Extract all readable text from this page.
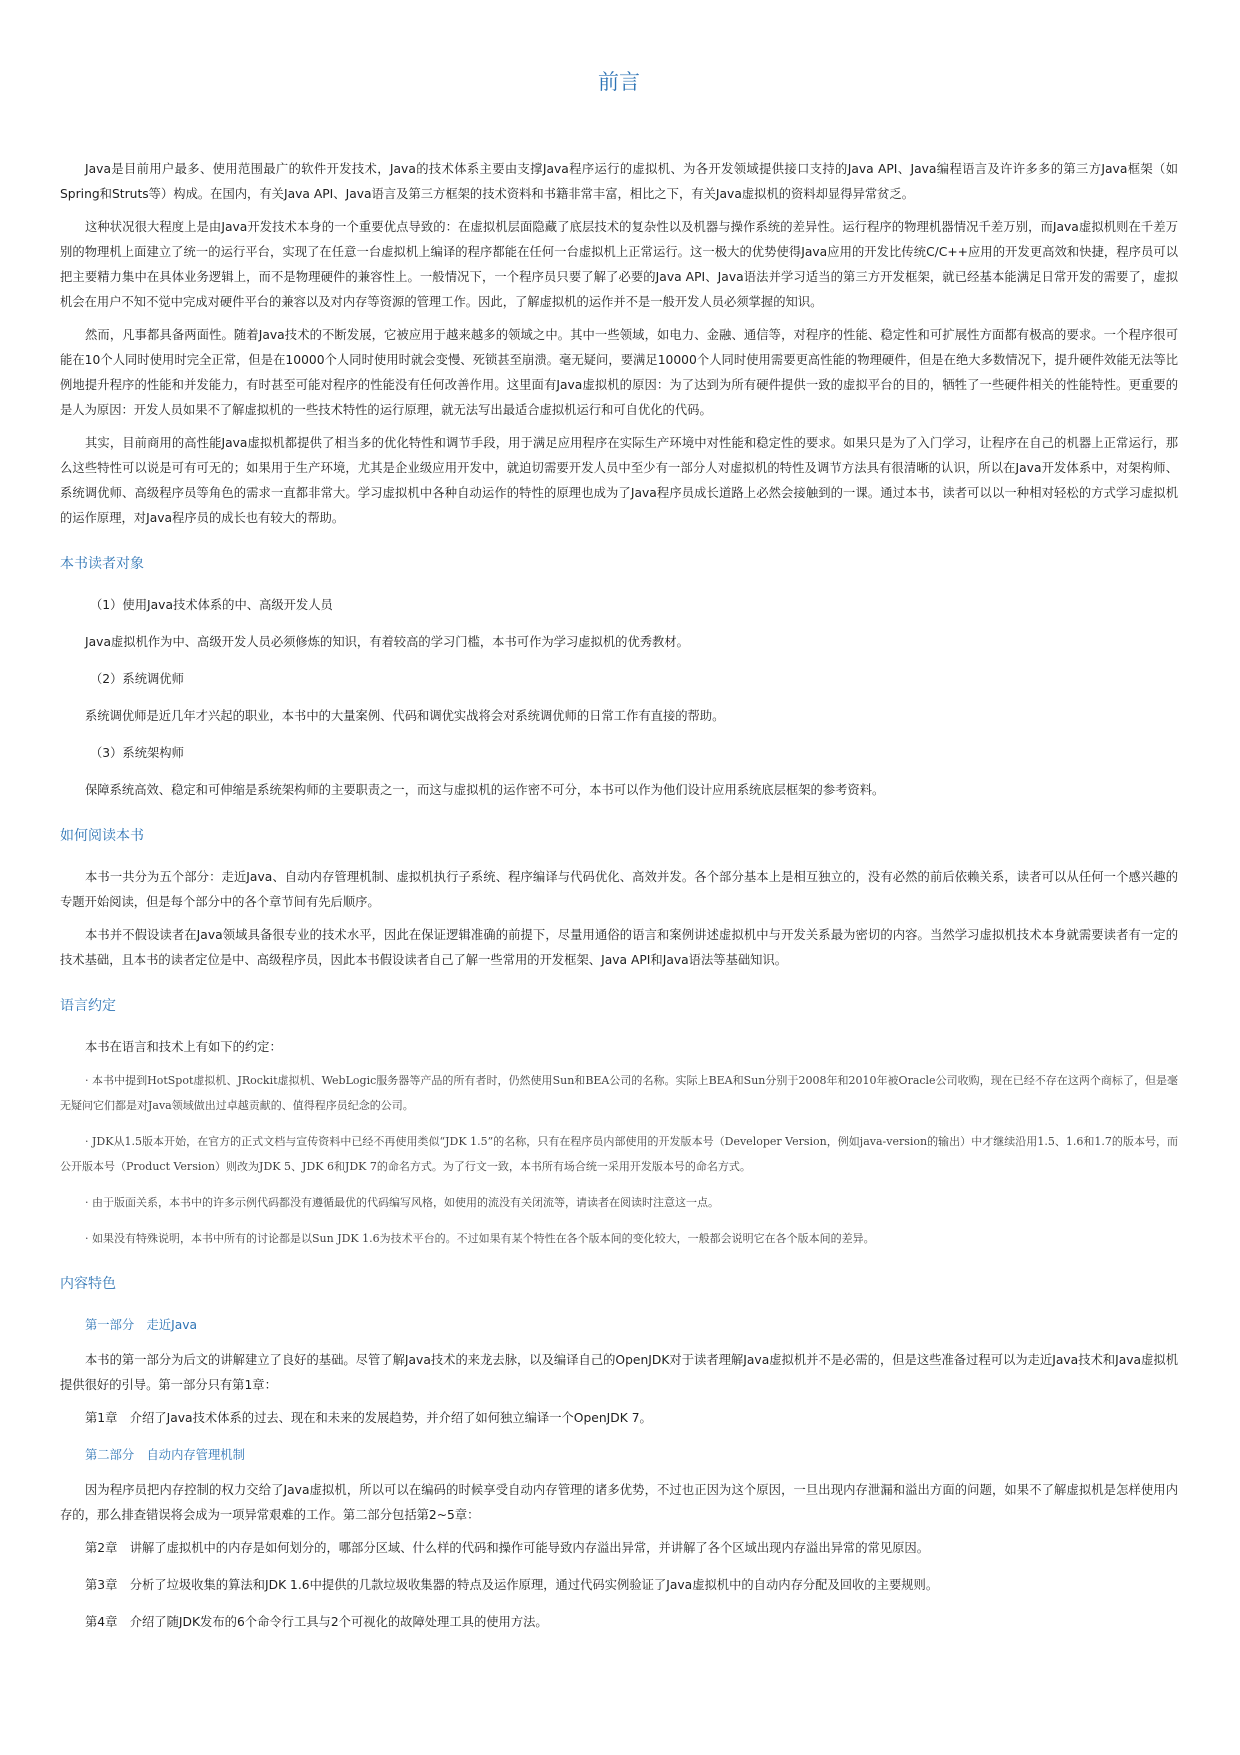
前言

Java是目前用户最多、使用范围最广的软件开发技术，Java的技术体系主要由支撑Java程序运行的虚拟机、为各开发领域提供接口支持的Java API、Java编程语言及许许多多的第三方Java框架（如Spring和Struts等）构成。在国内，有关Java API、Java语言及第三方框架的技术资料和书籍非常丰富，相比之下，有关Java虚拟机的资料却显得异常贫乏。

这种状况很大程度上是由Java开发技术本身的一个重要优点导致的：在虚拟机层面隐藏了底层技术的复杂性以及机器与操作系统的差异性。运行程序的物理机器情况千差万别，而Java虚拟机则在千差万别的物理机上面建立了统一的运行平台，实现了在任意一台虚拟机上编译的程序都能在任何一台虚拟机上正常运行。这一极大的优势使得Java应用的开发比传统C/C++应用的开发更高效和快捷，程序员可以把主要精力集中在具体业务逻辑上，而不是物理硬件的兼容性上。一般情况下，一个程序员只要了解了必要的Java API、Java语法并学习适当的第三方开发框架，就已经基本能满足日常开发的需要了，虚拟机会在用户不知不觉中完成对硬件平台的兼容以及对内存等资源的管理工作。因此，了解虚拟机的运作并不是一般开发人员必须掌握的知识。

然而，凡事都具备两面性。随着Java技术的不断发展，它被应用于越来越多的领域之中。其中一些领域，如电力、金融、通信等，对程序的性能、稳定性和可扩展性方面都有极高的要求。一个程序很可能在10个人同时使用时完全正常，但是在10000个人同时使用时就会变慢、死锁甚至崩溃。毫无疑问，要满足10000个人同时使用需要更高性能的物理硬件，但是在绝大多数情况下，提升硬件效能无法等比例地提升程序的性能和并发能力，有时甚至可能对程序的性能没有任何改善作用。这里面有Java虚拟机的原因：为了达到为所有硬件提供一致的虚拟平台的目的，牺牲了一些硬件相关的性能特性。更重要的是人为原因：开发人员如果不了解虚拟机的一些技术特性的运行原理，就无法写出最适合虚拟机运行和可自优化的代码。

其实，目前商用的高性能Java虚拟机都提供了相当多的优化特性和调节手段，用于满足应用程序在实际生产环境中对性能和稳定性的要求。如果只是为了入门学习，让程序在自己的机器上正常运行，那么这些特性可以说是可有可无的；如果用于生产环境，尤其是企业级应用开发中，就迫切需要开发人员中至少有一部分人对虚拟机的特性及调节方法具有很清晰的认识，所以在Java开发体系中，对架构师、系统调优师、高级程序员等角色的需求一直都非常大。学习虚拟机中各种自动运作的特性的原理也成为了Java程序员成长道路上必然会接触到的一课。通过本书，读者可以以一种相对轻松的方式学习虚拟机的运作原理，对Java程序员的成长也有较大的帮助。

本书读者对象
（1）使用Java技术体系的中、高级开发人员
Java虚拟机作为中、高级开发人员必须修炼的知识，有着较高的学习门槛，本书可作为学习虚拟机的优秀教材。
（2）系统调优师
系统调优师是近几年才兴起的职业，本书中的大量案例、代码和调优实战将会对系统调优师的日常工作有直接的帮助。
（3）系统架构师
保障系统高效、稳定和可伸缩是系统架构师的主要职责之一，而这与虚拟机的运作密不可分，本书可以作为他们设计应用系统底层框架的参考资料。
如何阅读本书

本书一共分为五个部分：走近Java、自动内存管理机制、虚拟机执行子系统、程序编译与代码优化、高效并发。各个部分基本上是相互独立的，没有必然的前后依赖关系，读者可以从任何一个感兴趣的专题开始阅读，但是每个部分中的各个章节间有先后顺序。

本书并不假设读者在Java领域具备很专业的技术水平，因此在保证逻辑准确的前提下，尽量用通俗的语言和案例讲述虚拟机中与开发关系最为密切的内容。当然学习虚拟机技术本身就需要读者有一定的技术基础，且本书的读者定位是中、高级程序员，因此本书假设读者自己了解一些常用的开发框架、Java API和Java语法等基础知识。

语言约定

本书在语言和技术上有如下的约定：

· 本书中提到HotSpot虚拟机、JRockit虚拟机、WebLogic服务器等产品的所有者时，仍然使用Sun和BEA公司的名称。实际上BEA和Sun分别于2008年和2010年被Oracle公司收购，现在已经不存在这两个商标了，但是毫无疑问它们都是对Java领域做出过卓越贡献的、值得程序员纪念的公司。

· JDK从1.5版本开始，在官方的正式文档与宣传资料中已经不再使用类似“JDK 1.5”的名称，只有在程序员内部使用的开发版本号（Developer Version，例如java-version的输出）中才继续沿用1.5、1.6和1.7的版本号，而公开版本号（Product Version）则改为JDK 5、JDK 6和JDK 7的命名方式。为了行文一致，本书所有场合统一采用开发版本号的命名方式。

· 由于版面关系，本书中的许多示例代码都没有遵循最优的代码编写风格，如使用的流没有关闭流等，请读者在阅读时注意这一点。

· 如果没有特殊说明，本书中所有的讨论都是以Sun JDK 1.6为技术平台的。不过如果有某个特性在各个版本间的变化较大，一般都会说明它在各个版本间的差异。

内容特色
第一部分　走近Java

本书的第一部分为后文的讲解建立了良好的基础。尽管了解Java技术的来龙去脉，以及编译自己的OpenJDK对于读者理解Java虚拟机并不是必需的，但是这些准备过程可以为走近Java技术和Java虚拟机提供很好的引导。第一部分只有第1章：

第1章　介绍了Java技术体系的过去、现在和未来的发展趋势，并介绍了如何独立编译一个OpenJDK 7。
第二部分　自动内存管理机制

因为程序员把内存控制的权力交给了Java虚拟机，所以可以在编码的时候享受自动内存管理的诸多优势，不过也正因为这个原因，一旦出现内存泄漏和溢出方面的问题，如果不了解虚拟机是怎样使用内存的，那么排查错误将会成为一项异常艰难的工作。第二部分包括第2~5章：

第2章　讲解了虚拟机中的内存是如何划分的，哪部分区域、什么样的代码和操作可能导致内存溢出异常，并讲解了各个区域出现内存溢出异常的常见原因。
第3章　分析了垃圾收集的算法和JDK 1.6中提供的几款垃圾收集器的特点及运作原理，通过代码实例验证了Java虚拟机中的自动内存分配及回收的主要规则。
第4章　介绍了随JDK发布的6个命令行工具与2个可视化的故障处理工具的使用方法。
